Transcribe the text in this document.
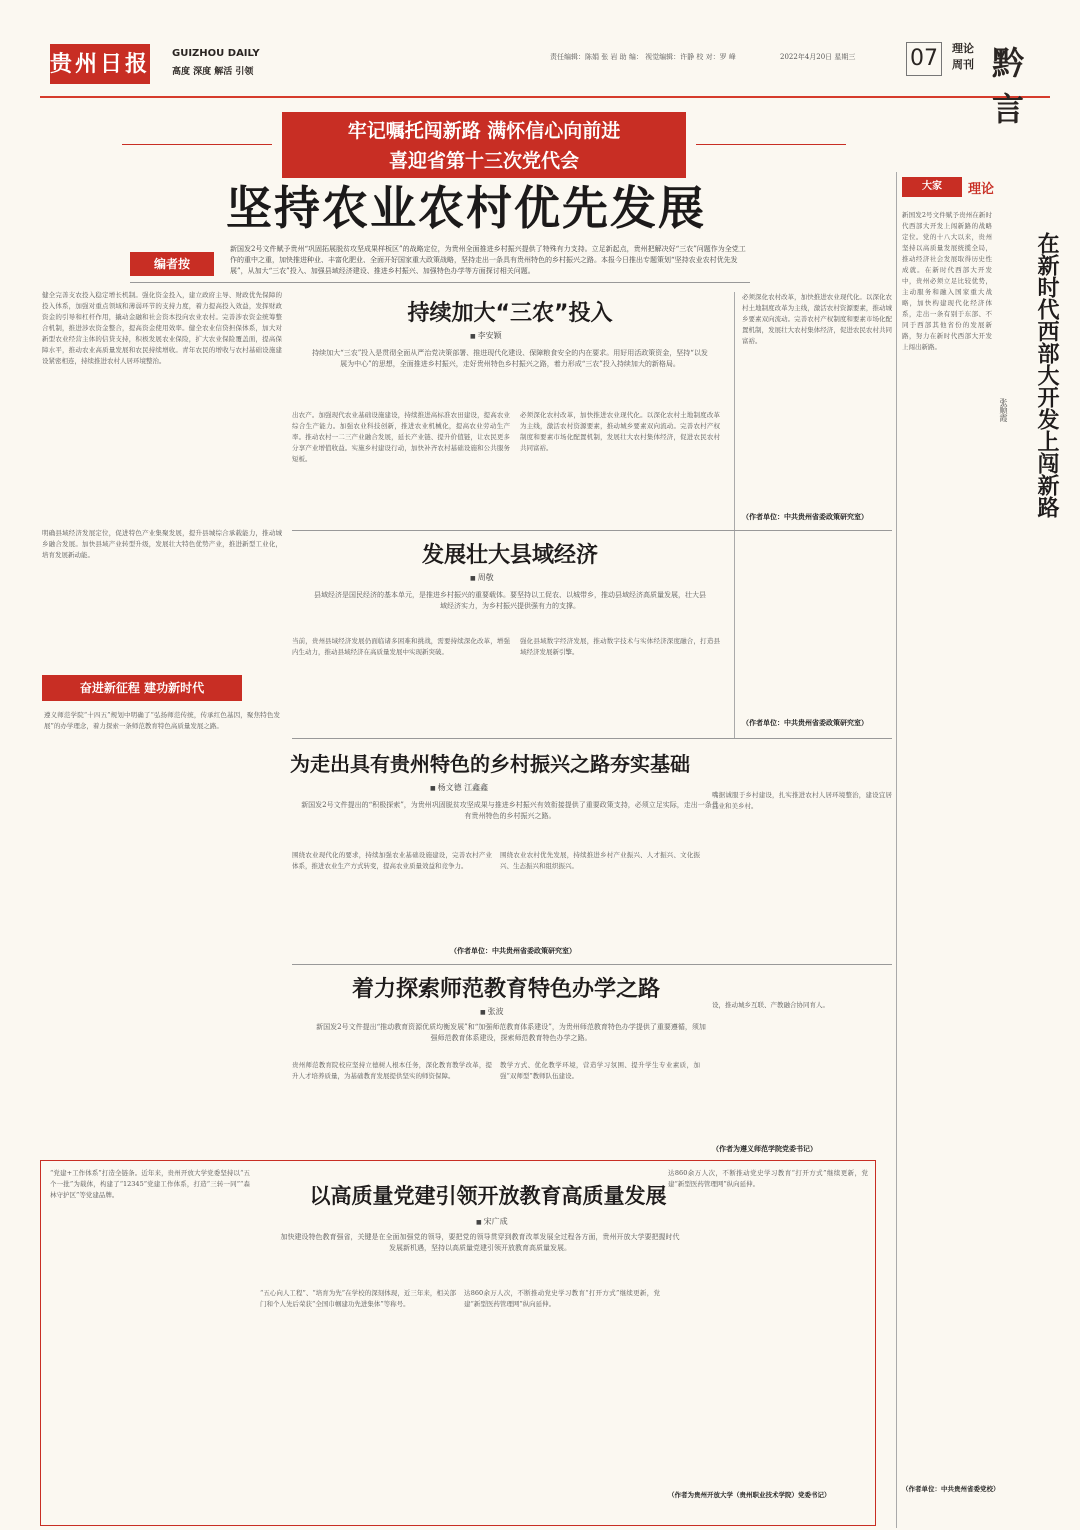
贵州日报 GUIZHOU DAILY
高度 深度 解活 引领
责任编辑：陈娟 张 岩 助 编： 视觉编辑：许静 校 对：罗 峰	2022年4月20日 星期三 07	理论
周刊 黔言
牢记嘱托闯新路 满怀信心向前进
喜迎省第十三次党代会
坚持农业农村优先发展
编者按
新国发2号文件赋予贵州“巩固拓展脱贫攻坚成果样板区”的战略定位，为贵州全面推进乡村振兴提供了特殊有力支持。立足新起点，贵州把解决好“三农”问题作为全党工作的重中之重，加快推进种业、丰富化肥业、全面开好国家重大政策战略，坚持走出一条具有贵州特色的乡村振兴之路。本报今日推出专题策划“坚持农业农村优先发展”，从加大“三农”投入、加强县域经济建设、推进乡村振兴、加强特色办学等方面探讨相关问题。
健全完善支农投入稳定增长机制。强化资金投入，建立政府主导、财政优先保障的投入体系，加强对重点领域和薄弱环节的支持力度，着力提高投入效益，发挥财政资金的引导和杠杆作用，撬动金融和社会资本投向农业农村。完善涉农资金统筹整合机制，推进涉农资金整合，提高资金使用效率。健全农业信贷担保体系，加大对新型农业经营主体的信贷支持，积极发展农业保险，扩大农业保险覆盖面，提高保障水平，推动农业高质量发展和农民持续增收。青年农民的增收与农村基础设施建设紧密相连，持续推进农村人居环境整治。
持续加大“三农”投入
■ 李安颖
持续加大“三农”投入是贯彻全面从严治党决策部署、推进现代化建设、保障粮食安全的内在要求。用好用活政策资金，坚持“以发展为中心”的思想，全面推进乡村振兴，走好贵州特色乡村振兴之路，着力形成“三农”投入持续加大的新格局。
出农产。加强现代农业基础设施建设，持续推进高标准农田建设，提高农业综合生产能力。加强农业科技创新，推进农业机械化，提高农业劳动生产率。推动农村一二三产业融合发展，延长产业链、提升价值链，让农民更多分享产业增值收益。实施乡村建设行动，加快补齐农村基础设施和公共服务短板。
必须深化农村改革，加快推进农业现代化。以深化农村土地制度改革为主线，激活农村资源要素，推动城乡要素双向流动。完善农村产权制度和要素市场化配置机制，发展壮大农村集体经济，促进农民农村共同富裕。
必须深化农村改革，加快推进农业现代化。以深化农村土地制度改革为主线，激活农村资源要素，推动城乡要素双向流动。完善农村产权制度和要素市场化配置机制，发展壮大农村集体经济，促进农民农村共同富裕。
（作者单位：中共贵州省委政策研究室）
明确县域经济发展定位，促进特色产业集聚发展，提升县城综合承载能力，推动城乡融合发展。加快县域产业转型升级，发展壮大特色优势产业，推进新型工业化，培育发展新动能。	发展壮大县域经济
■ 周敬
县域经济是国民经济的基本单元，是推进乡村振兴的重要载体。要坚持以工促农、以城带乡，推动县域经济高质量发展，壮大县域经济实力，为乡村振兴提供强有力的支撑。
当前，贵州县域经济发展仍面临诸多困难和挑战，需要持续深化改革，增强内生动力，推动县域经济在高质量发展中实现新突破。
强化县域数字经济发展，推动数字技术与实体经济深度融合，打造县域经济发展新引擎。
（作者单位：中共贵州省委政策研究室）
为走出具有贵州特色的乡村振兴之路夯实基础
■ 杨文德 江鑫鑫
新国发2号文件提出的“积极探索”，为贵州巩固脱贫攻坚成果与推进乡村振兴有效衔接提供了重要政策支持，必须立足实际，走出一条具有贵州特色的乡村振兴之路。
围绕农业现代化的要求，持续加强农业基础设施建设，完善农村产业体系，推进农业生产方式转变，提高农业质量效益和竞争力。
围绕农业农村优先发展，持续推进乡村产业振兴、人才振兴、文化振兴、生态振兴和组织振兴。
嘴据诚服于乡村建设，扎实推进农村人居环境整治，建设宜居宜业和美乡村。
（作者单位：中共贵州省委政策研究室）
奋进新征程 建功新时代
遵义师范学院“十四五”规划中明确了“弘扬师范传统，传承红色基因，聚焦特色发展”的办学理念，着力探索一条师范教育特色高质量发展之路。
着力探索师范教育特色办学之路
■ 张波
新国发2号文件提出“推动教育资源优质均衡发展”和“加强师范教育体系建设”，为贵州师范教育特色办学提供了重要遵循，须加强师范教育体系建设，探索师范教育特色办学之路。
贵州师范教育院校应坚持立德树人根本任务，深化教育教学改革，提升人才培养质量，为基础教育发展提供坚实的师资保障。
教学方式、优化教学环境，营造学习氛围、提升学生专业素质，加强“双师型”教师队伍建设。
设，推动城乡互联、产教融合协同育人。
（作者为遵义师范学院党委书记）
“党建+工作体系”打造全链条。近年来，贵州开放大学党委坚持以“五个一批”为载体，构建了“12345”党建工作体系，打造“三转一同”“森林守护区”等党建品牌。	以高质量党建引领开放教育高质量发展
■ 宋广成
加快建设特色教育强省，关键是在全面加强党的领导，要把党的领导贯穿到教育改革发展全过程各方面，贵州开放大学要把握时代发展新机遇，坚持以高质量党建引领开放教育高质量发展。
“五心向人工程”、“培育为先”在学校的深刻体现，近三年来，相关部门和个人先后荣获“全国巾帼建功先进集体”等称号。
达860余万人次，不断推动党史学习教育“打开方式”继续更新，党建“新型医药管理网”纵向延伸。
达860余万人次，不断推动党史学习教育“打开方式”继续更新，党建“新型医药管理网”纵向延伸。
（作者为贵州开放大学（贵州职业技术学院）党委书记）
大家	理论
在新时代西部大开发上闯新路
张顺霞
新国发2号文件赋予贵州在新时代西部大开发上闯新路的战略定位。党的十八大以来，贵州坚持以高质量发展统揽全局，推动经济社会发展取得历史性成就。在新时代西部大开发中，贵州必须立足比较优势，主动服务和融入国家重大战略，加快构建现代化经济体系，走出一条有别于东部、不同于西部其他省份的发展新路，努力在新时代西部大开发上闯出新路。
（作者单位：中共贵州省委党校）
